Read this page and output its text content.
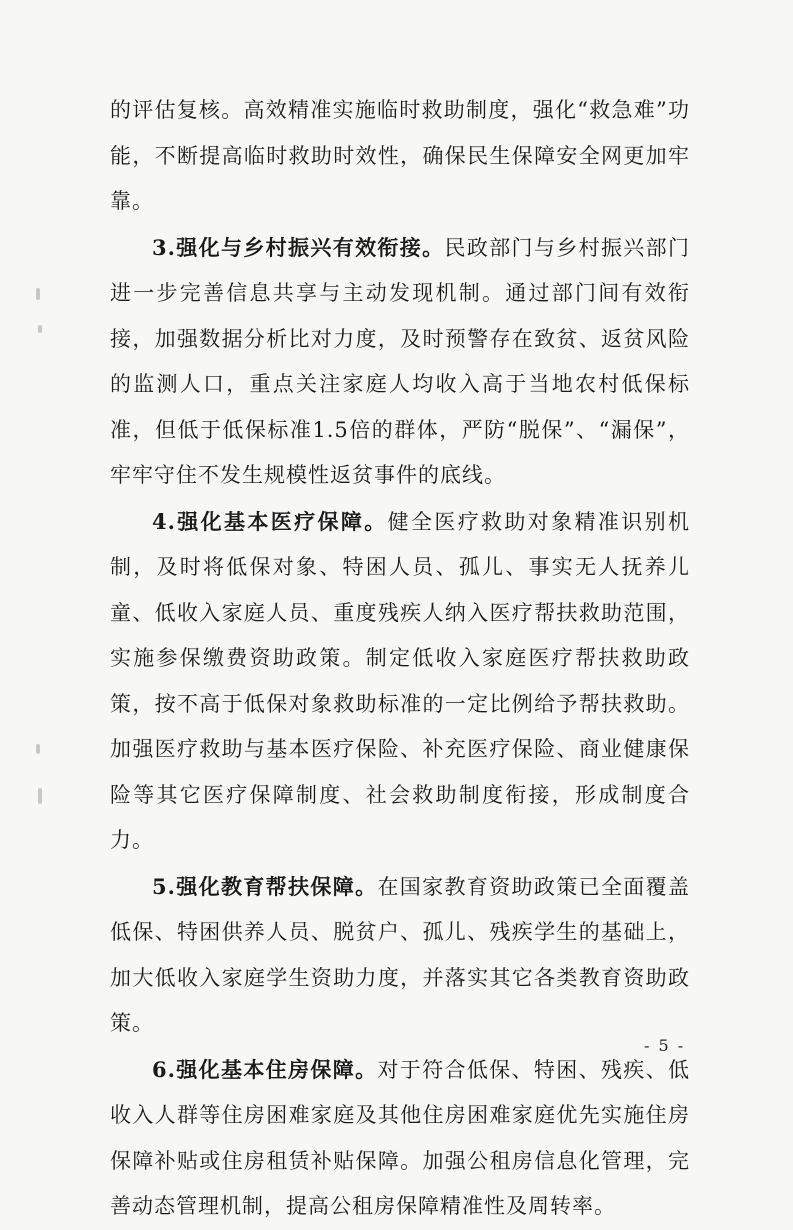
的评估复核。高效精准实施临时救助制度，强化“救急难”功能，不断提高临时救助时效性，确保民生保障安全网更加牢靠。

3.强化与乡村振兴有效衔接。民政部门与乡村振兴部门进一步完善信息共享与主动发现机制。通过部门间有效衔接，加强数据分析比对力度，及时预警存在致贫、返贫风险的监测人口，重点关注家庭人均收入高于当地农村低保标准，但低于低保标准1.5倍的群体，严防“脱保”、“漏保”，牢牢守住不发生规模性返贫事件的底线。

4.强化基本医疗保障。健全医疗救助对象精准识别机制，及时将低保对象、特困人员、孤儿、事实无人抚养儿童、低收入家庭人员、重度残疾人纳入医疗帮扶救助范围，实施参保缴费资助政策。制定低收入家庭医疗帮扶救助政策，按不高于低保对象救助标准的一定比例给予帮扶救助。加强医疗救助与基本医疗保险、补充医疗保险、商业健康保险等其它医疗保障制度、社会救助制度衔接，形成制度合力。

5.强化教育帮扶保障。在国家教育资助政策已全面覆盖低保、特困供养人员、脱贫户、孤儿、残疾学生的基础上，加大低收入家庭学生资助力度，并落实其它各类教育资助政策。

6.强化基本住房保障。对于符合低保、特困、残疾、低收入人群等住房困难家庭及其他住房困难家庭优先实施住房保障补贴或住房租赁补贴保障。加强公租房信息化管理，完善动态管理机制，提高公租房保障精准性及周转率。

- 5 -
